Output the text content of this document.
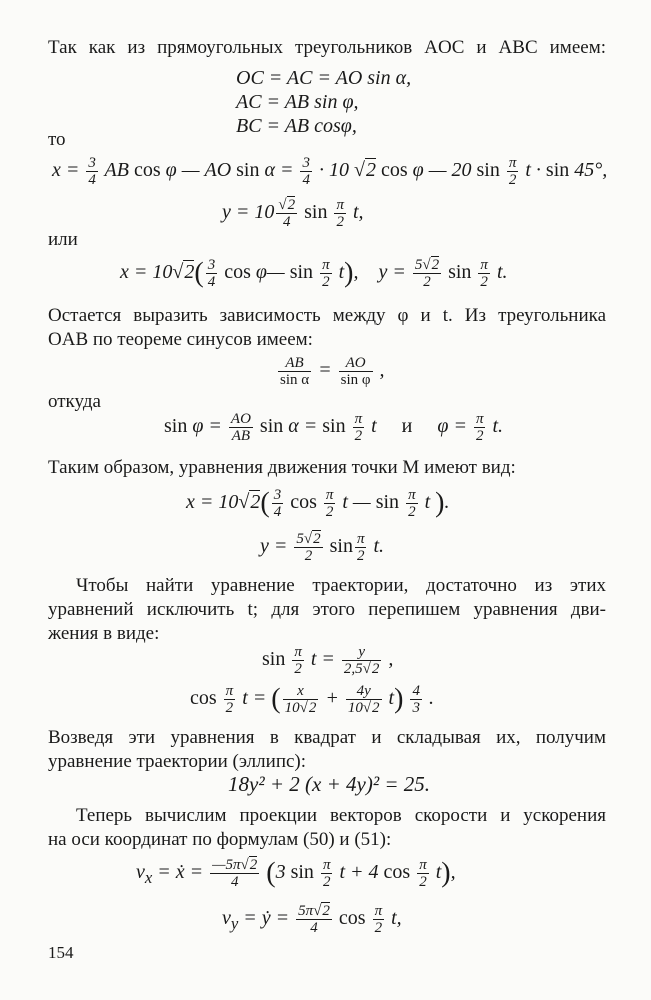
Так как из прямоугольных треугольников AOC и ABC имеем:
OC = AC = AO sin α,
AC = AB sin φ,
BC = AB cosφ,
то
$x = \frac{3}{4}$ AB cos φ — AO $\sin \alpha = \frac{3}{4} \cdot 10$ √2 cos φ — 20 $\sin \frac{\pi}{2}$ t · sin 45°,
$y = 10 \frac{√2}{4}$ $\sin \frac{\pi}{2} t$,
или
$x = 10√2( \frac{3}{4}$ cos φ— $\sin \frac{\pi}{2} t$),    $y = \frac{5√2}{2}$ $\sin \frac{\pi}{2} t$.
Остается выразить зависимость между φ и t. Из треугольника
OAB по теореме синусов имеем:
$\frac{AB}{\text{sin α}} = \frac{AO}{\text{sin φ}}$ ,
откуда
$\sin \varphi = \frac{AO}{AB}$ $\sin \alpha = \sin \frac{\pi}{2}$ t     и     $\varphi = \frac{\pi}{2} t$.
Таким образом, уравнения движения точки M имеют вид:
$x = 10√2( \frac{3}{4}$ $\cos \frac{\pi}{2}$ t — $\sin \frac{\pi}{2}$ t ).
$y = \frac{5√2}{2}$ $\sin \frac{\pi}{2} t$.
Чтобы найти уравнение траектории, достаточно из этих
уравнений исключить t; для этого перепишем уравнения дви-
жения в виде:
$\sin \frac{\pi}{2}$ $t = \frac{y}{2,5√2}$ ,
$\cos \frac{\pi}{2}$ t = ( $\frac{x}{10√2} + \frac{4y}{10√2} t) \frac{4}{3}$ .
Возведя эти уравнения в квадрат и складывая их, получим
уравнение траектории (эллипс):
18y² + 2 (x + 4y)² = 25.
Теперь вычислим проекции векторов скорости и ускорения
на оси координат по формулам (50) и (51):
$v_x$ = ẋ = $\frac{—5\pi√2}{4} (3$ $\sin \frac{\pi}{2}$ t + 4 $\cos \frac{\pi}{2} t$),
$v_y$ = ẏ = $\frac{5\pi√2}{4}$ $\cos \frac{\pi}{2} t$,
154
